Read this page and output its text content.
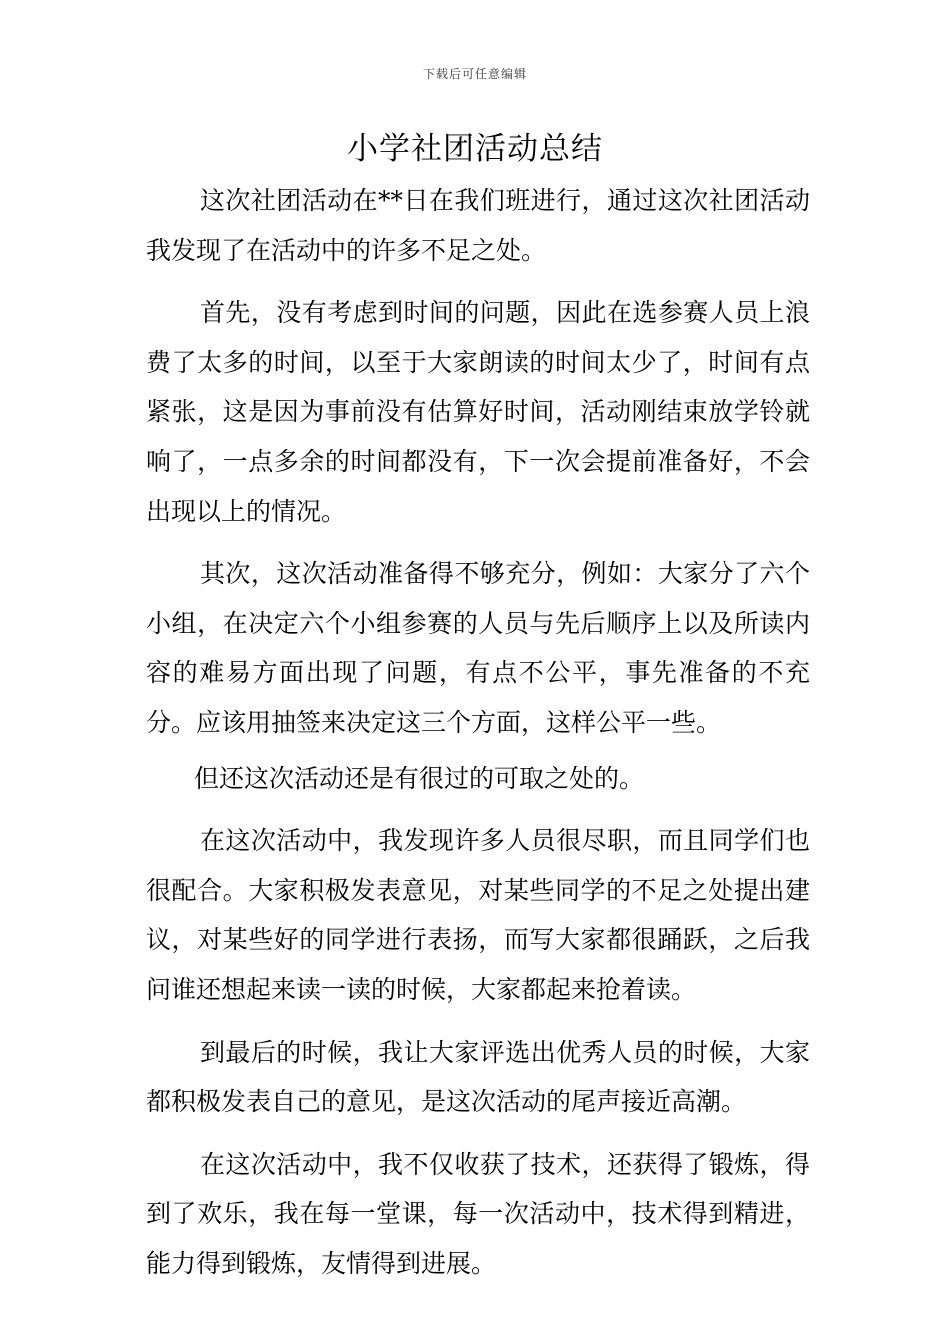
下载后可任意编辑
小学社团活动总结

这次社团活动在**日在我们班进行，通过这次社团活动我发现了在活动中的许多不足之处。

首先，没有考虑到时间的问题，因此在选参赛人员上浪费了太多的时间，以至于大家朗读的时间太少了，时间有点紧张，这是因为事前没有估算好时间，活动刚结束放学铃就响了，一点多余的时间都没有，下一次会提前准备好，不会出现以上的情况。

其次，这次活动准备得不够充分，例如：大家分了六个小组，在决定六个小组参赛的人员与先后顺序上以及所读内容的难易方面出现了问题，有点不公平，事先准备的不充分。应该用抽签来决定这三个方面，这样公平一些。

但还这次活动还是有很过的可取之处的。

在这次活动中，我发现许多人员很尽职，而且同学们也很配合。大家积极发表意见，对某些同学的不足之处提出建议，对某些好的同学进行表扬，而写大家都很踊跃，之后我问谁还想起来读一读的时候，大家都起来抢着读。

到最后的时候，我让大家评选出优秀人员的时候，大家都积极发表自己的意见，是这次活动的尾声接近高潮。

在这次活动中，我不仅收获了技术，还获得了锻炼，得到了欢乐，我在每一堂课，每一次活动中，技术得到精进，能力得到锻炼，友情得到进展。
